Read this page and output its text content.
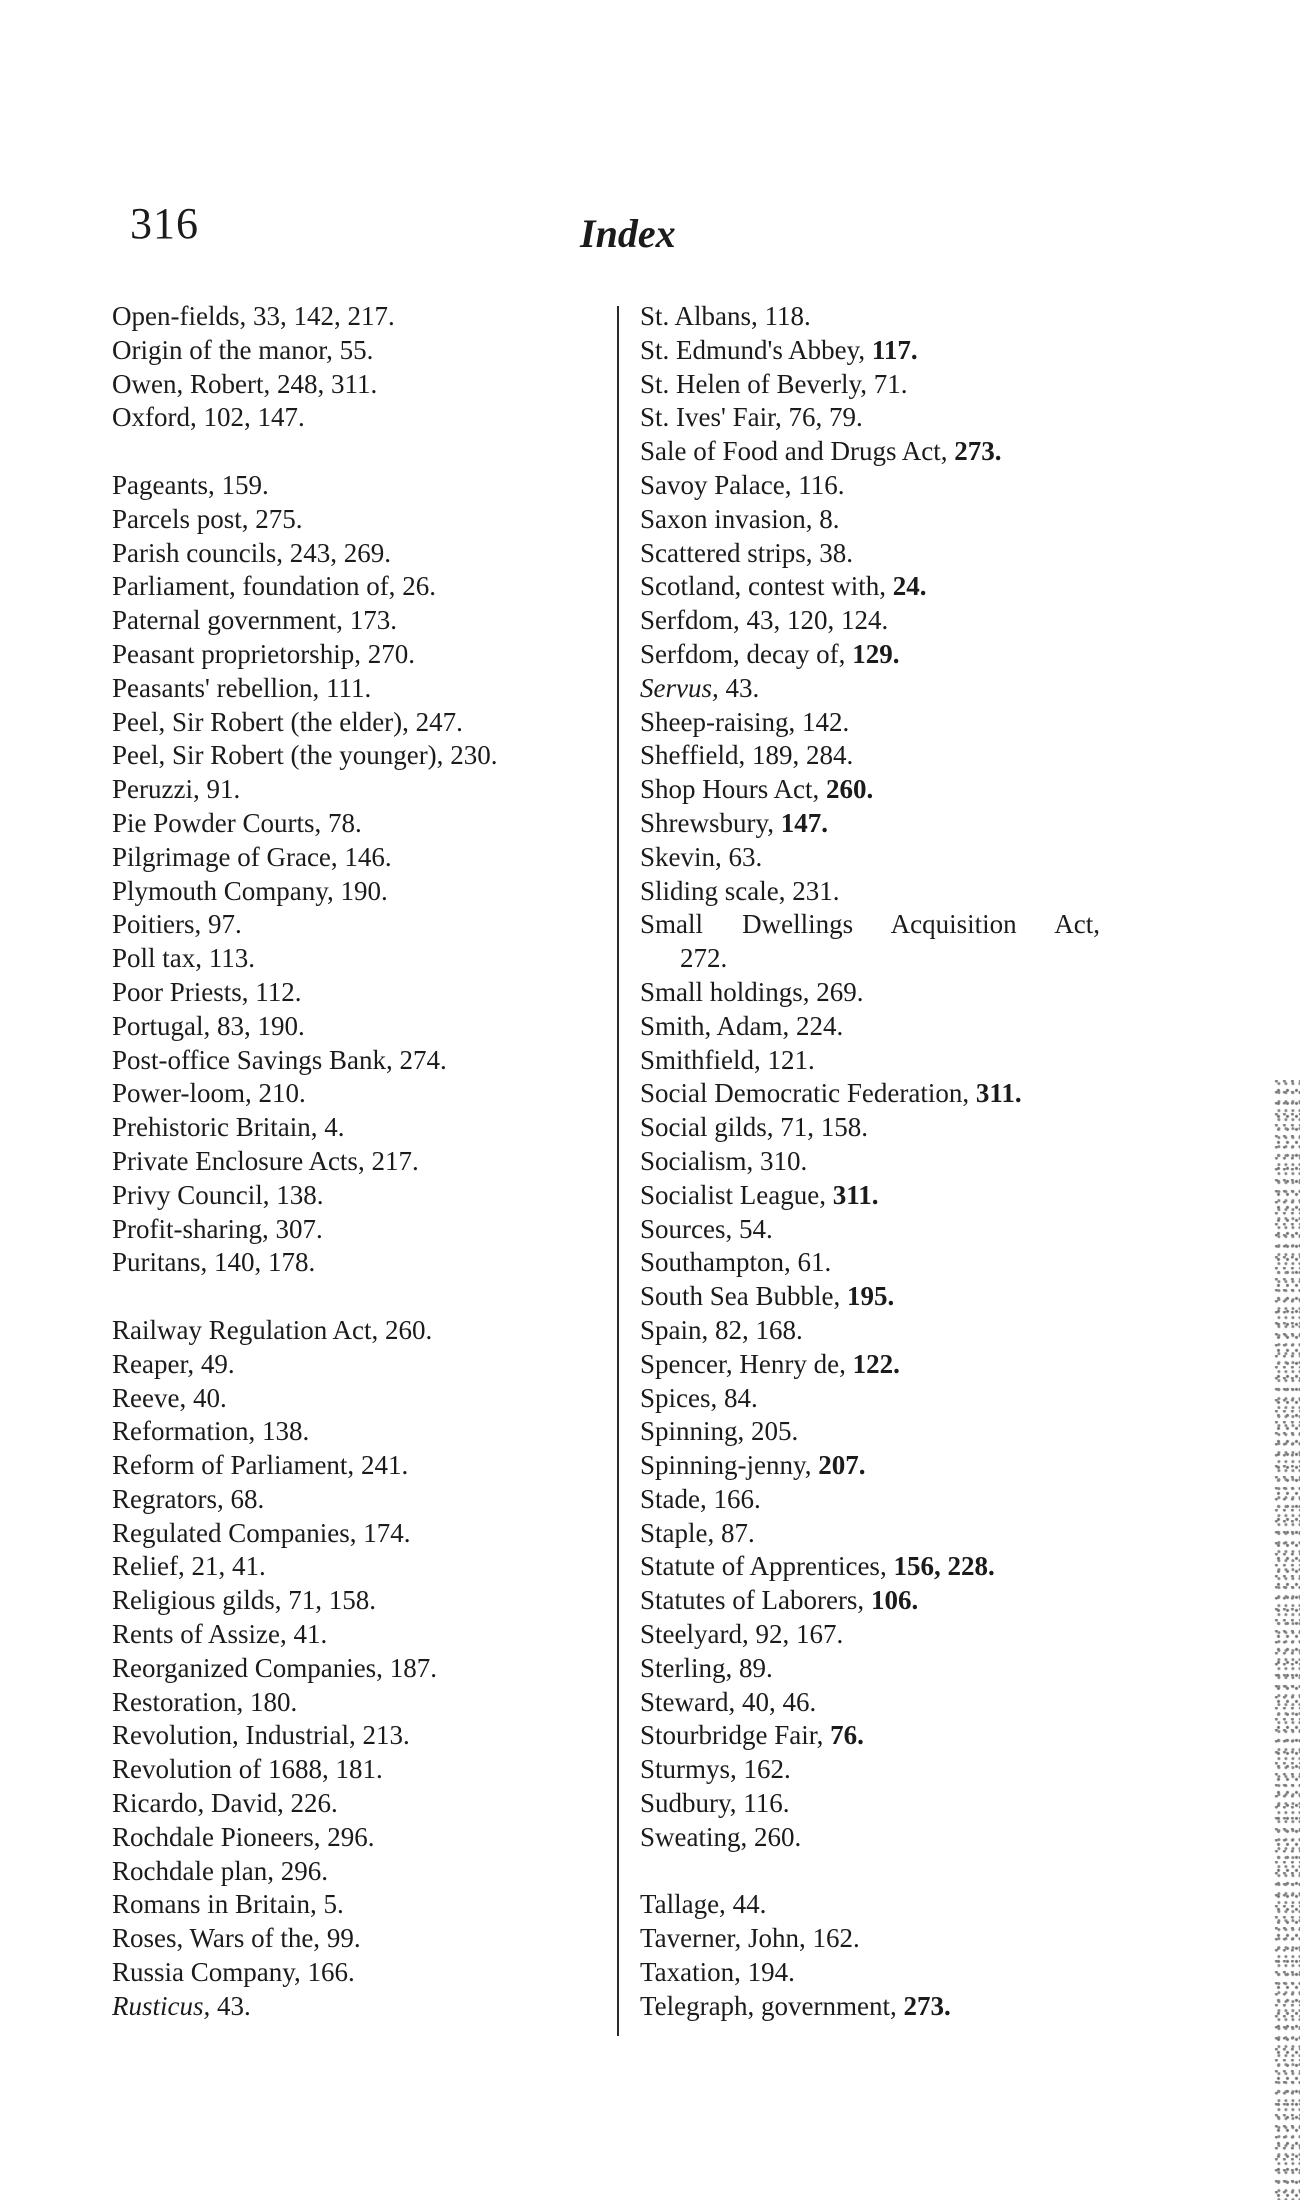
316	Index
Open-fields, 33, 142, 217.
Origin of the manor, 55.
Owen, Robert, 248, 311.
Oxford, 102, 147.
Pageants, 159.
Parcels post, 275.
Parish councils, 243, 269.
Parliament, foundation of, 26.
Paternal government, 173.
Peasant proprietorship, 270.
Peasants' rebellion, 111.
Peel, Sir Robert (the elder), 247.
Peel, Sir Robert (the younger), 230.
Peruzzi, 91.
Pie Powder Courts, 78.
Pilgrimage of Grace, 146.
Plymouth Company, 190.
Poitiers, 97.
Poll tax, 113.
Poor Priests, 112.
Portugal, 83, 190.
Post-office Savings Bank, 274.
Power-loom, 210.
Prehistoric Britain, 4.
Private Enclosure Acts, 217.
Privy Council, 138.
Profit-sharing, 307.
Puritans, 140, 178.
Railway Regulation Act, 260.
Reaper, 49.
Reeve, 40.
Reformation, 138.
Reform of Parliament, 241.
Regrators, 68.
Regulated Companies, 174.
Relief, 21, 41.
Religious gilds, 71, 158.
Rents of Assize, 41.
Reorganized Companies, 187.
Restoration, 180.
Revolution, Industrial, 213.
Revolution of 1688, 181.
Ricardo, David, 226.
Rochdale Pioneers, 296.
Rochdale plan, 296.
Romans in Britain, 5.
Roses, Wars of the, 99.
Russia Company, 166.
Rusticus, 43.
St. Albans, 118.
St. Edmund's Abbey, 117.
St. Helen of Beverly, 71.
St. Ives' Fair, 76, 79.
Sale of Food and Drugs Act, 273.
Savoy Palace, 116.
Saxon invasion, 8.
Scattered strips, 38.
Scotland, contest with, 24.
Serfdom, 43, 120, 124.
Serfdom, decay of, 129.
Servus, 43.
Sheep-raising, 142.
Sheffield, 189, 284.
Shop Hours Act, 260.
Shrewsbury, 147.
Skevin, 63.
Sliding scale, 231.
Small Dwellings Acquisition Act,
272.
Small holdings, 269.
Smith, Adam, 224.
Smithfield, 121.
Social Democratic Federation, 311.
Social gilds, 71, 158.
Socialism, 310.
Socialist League, 311.
Sources, 54.
Southampton, 61.
South Sea Bubble, 195.
Spain, 82, 168.
Spencer, Henry de, 122.
Spices, 84.
Spinning, 205.
Spinning-jenny, 207.
Stade, 166.
Staple, 87.
Statute of Apprentices, 156, 228.
Statutes of Laborers, 106.
Steelyard, 92, 167.
Sterling, 89.
Steward, 40, 46.
Stourbridge Fair, 76.
Sturmys, 162.
Sudbury, 116.
Sweating, 260.
Tallage, 44.
Taverner, John, 162.
Taxation, 194.
Telegraph, government, 273.
